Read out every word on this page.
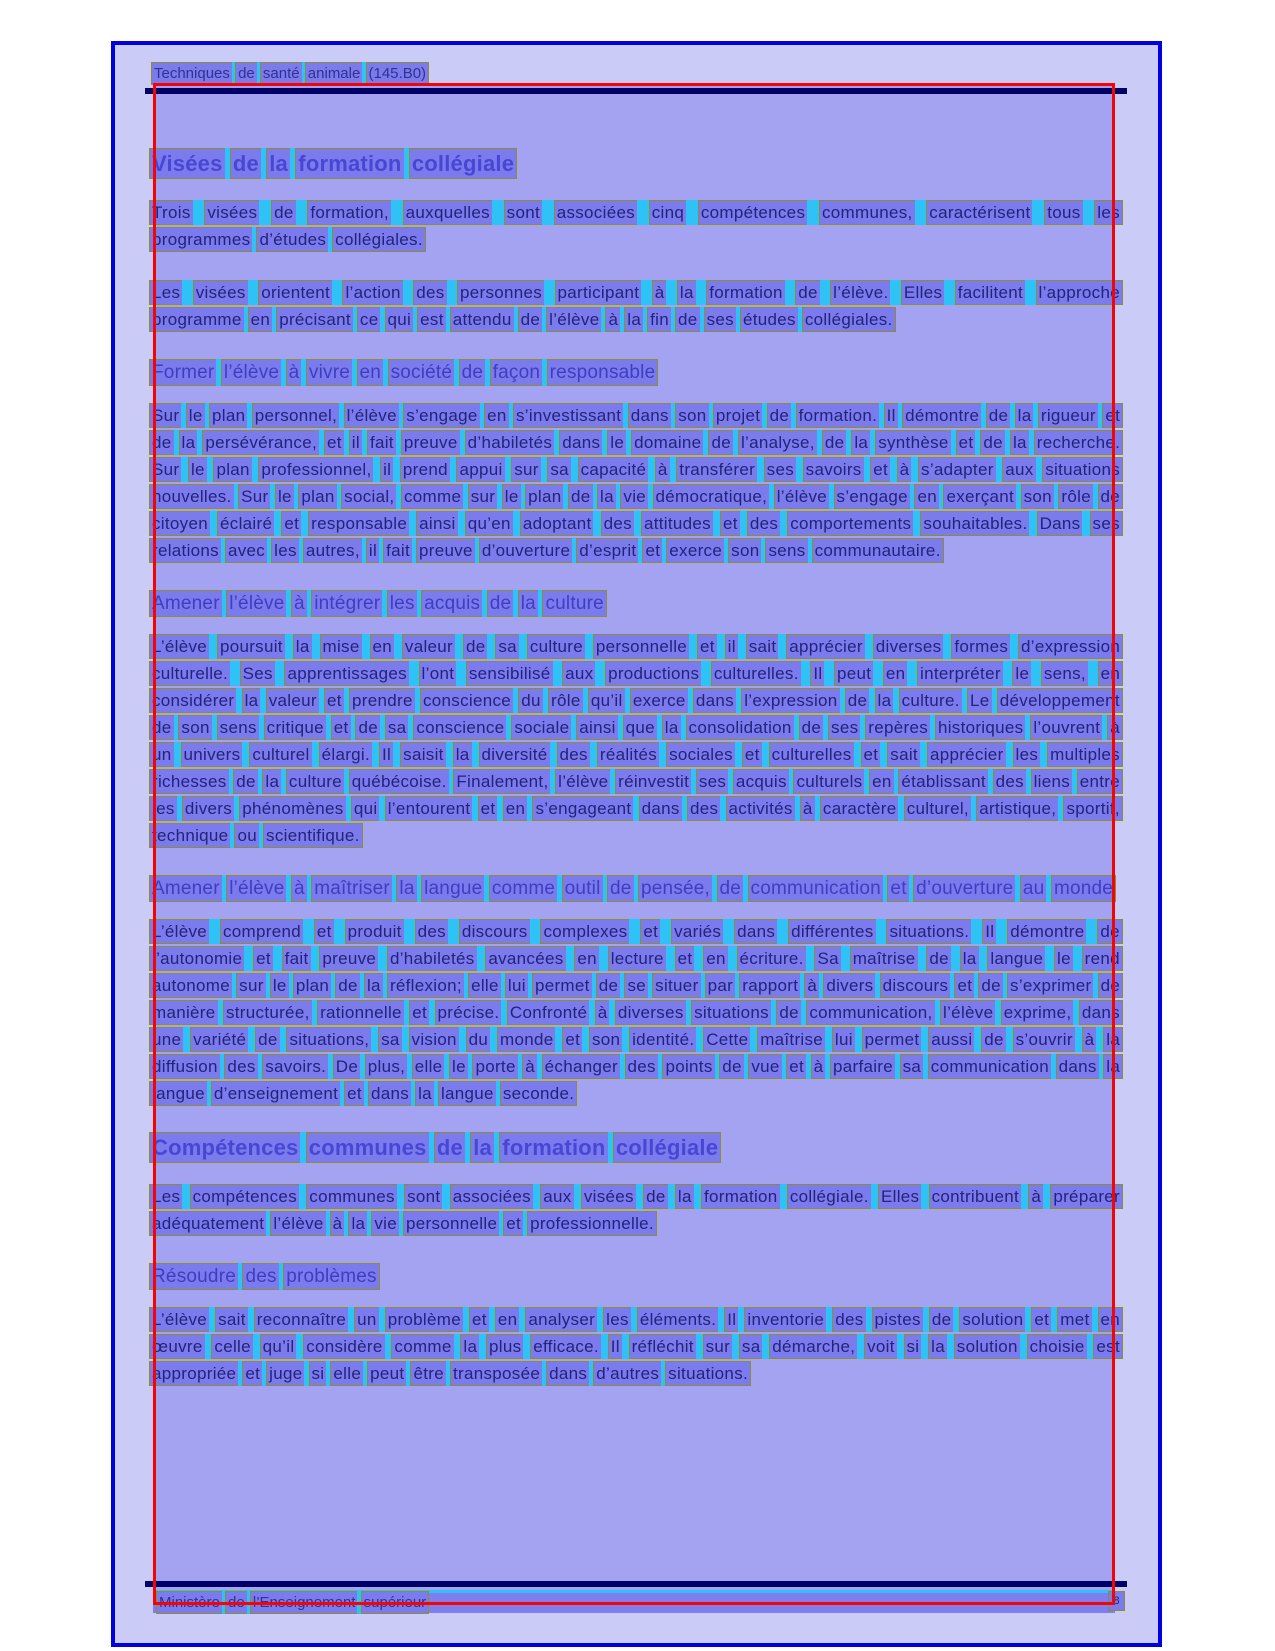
Techniques de santé animale (145.B0)
Visées de la formation collégiale

Trois visées de formation, auxquelles sont associées cinq compétences communes, caractérisent tous les programmes d’études collégiales.

Les visées orientent l’action des personnes participant à la formation de l’élève. Elles facilitent l’approche programme en précisant ce qui est attendu de l’élève à la fin de ses études collégiales.

Former l’élève à vivre en société de façon responsable

Sur le plan personnel, l’élève s’engage en s’investissant dans son projet de formation. Il démontre de la rigueur et de la persévérance, et il fait preuve d’habiletés dans le domaine de l’analyse, de la synthèse et de la recherche. Sur le plan professionnel, il prend appui sur sa capacité à transférer ses savoirs et à s’adapter aux situations nouvelles. Sur le plan social, comme sur le plan de la vie démocratique, l’élève s’engage en exerçant son rôle de citoyen éclairé et responsable ainsi qu’en adoptant des attitudes et des comportements souhaitables. Dans ses relations avec les autres, il fait preuve d’ouverture d’esprit et exerce son sens communautaire.

Amener l’élève à intégrer les acquis de la culture

L’élève poursuit la mise en valeur de sa culture personnelle et il sait apprécier diverses formes d’expression culturelle. Ses apprentissages l’ont sensibilisé aux productions culturelles. Il peut en interpréter le sens, en considérer la valeur et prendre conscience du rôle qu’il exerce dans l’expression de la culture. Le développement de son sens critique et de sa conscience sociale ainsi que la consolidation de ses repères historiques l’ouvrent à un univers culturel élargi. Il saisit la diversité des réalités sociales et culturelles et sait apprécier les multiples richesses de la culture québécoise. Finalement, l’élève réinvestit ses acquis culturels en établissant des liens entre les divers phénomènes qui l’entourent et en s’engageant dans des activités à caractère culturel, artistique, sportif, technique ou scientifique.

Amener l’élève à maîtriser la langue comme outil de pensée, de communication et d’ouverture au monde

L’élève comprend et produit des discours complexes et variés dans différentes situations. Il démontre de l’autonomie et fait preuve d’habiletés avancées en lecture et en écriture. Sa maîtrise de la langue le rend autonome sur le plan de la réflexion; elle lui permet de se situer par rapport à divers discours et de s’exprimer de manière structurée, rationnelle et précise. Confronté à diverses situations de communication, l’élève exprime, dans une variété de situations, sa vision du monde et son identité. Cette maîtrise lui permet aussi de s’ouvrir à la diffusion des savoirs. De plus, elle le porte à échanger des points de vue et à parfaire sa communication dans la langue d’enseignement et dans la langue seconde.

Compétences communes de la formation collégiale

Les compétences communes sont associées aux visées de la formation collégiale. Elles contribuent à préparer adéquatement l’élève à la vie personnelle et professionnelle.

Résoudre des problèmes

L’élève sait reconnaître un problème et en analyser les éléments. Il inventorie des pistes de solution et met en œuvre celle qu’il considère comme la plus efficace. Il réfléchit sur sa démarche, voit si la solution choisie est appropriée et juge si elle peut être transposée dans d’autres situations.

Ministère de l’Enseignement supérieur	8
